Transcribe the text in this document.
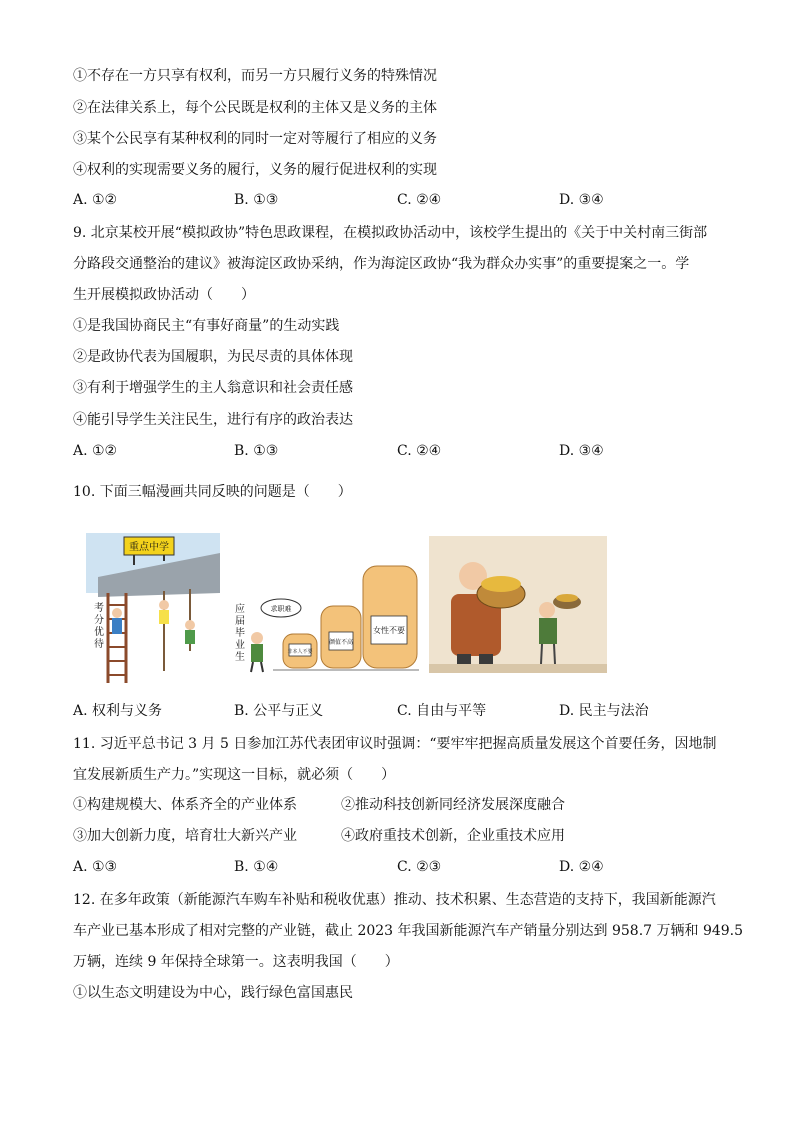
①不存在一方只享有权利，而另一方只履行义务的特殊情况
②在法律关系上，每个公民既是权利的主体又是义务的主体
③某个公民享有某种权利的同时一定对等履行了相应的义务
④权利的实现需要义务的履行，义务的履行促进权利的实现
A. ①②	B. ①③	C. ②④	D. ③④
9. 北京某校开展“模拟政协”特色思政课程，在模拟政协活动中，该校学生提出的《关于中关村南三街部
分路段交通整治的建议》被海淀区政协采纳，作为海淀区政协“我为群众办实事”的重要提案之一。学
生开展模拟政协活动（　　）
①是我国协商民主“有事好商量”的生动实践
②是政协代表为国履职，为民尽责的具体体现
③有利于增强学生的主人翁意识和社会责任感
④能引导学生关注民生，进行有序的政治表达
A. ①②	B. ①③	C. ②④	D. ③④
10. 下面三幅漫画共同反映的问题是（　　）
重点中学
考分优待
应届毕业生
求职难
非本人不要
颜值不高
女性不要
A. 权利与义务	B. 公平与正义	C. 自由与平等	D. 民主与法治
11. 习近平总书记 3 月 5 日参加江苏代表团审议时强调：“要牢牢把握高质量发展这个首要任务，因地制
宜发展新质生产力。”实现这一目标，就必须（　　）
①构建规模大、体系齐全的产业体系	②推动科技创新同经济发展深度融合
③加大创新力度，培育壮大新兴产业	④政府重技术创新，企业重技术应用
A. ①③	B. ①④	C. ②③	D. ②④
12. 在多年政策（新能源汽车购车补贴和税收优惠）推动、技术积累、生态营造的支持下，我国新能源汽
车产业已基本形成了相对完整的产业链，截止 2023 年我国新能源汽车产销量分别达到 958.7 万辆和 949.5
万辆，连续 9 年保持全球第一。这表明我国（　　）
①以生态文明建设为中心，践行绿色富国惠民
